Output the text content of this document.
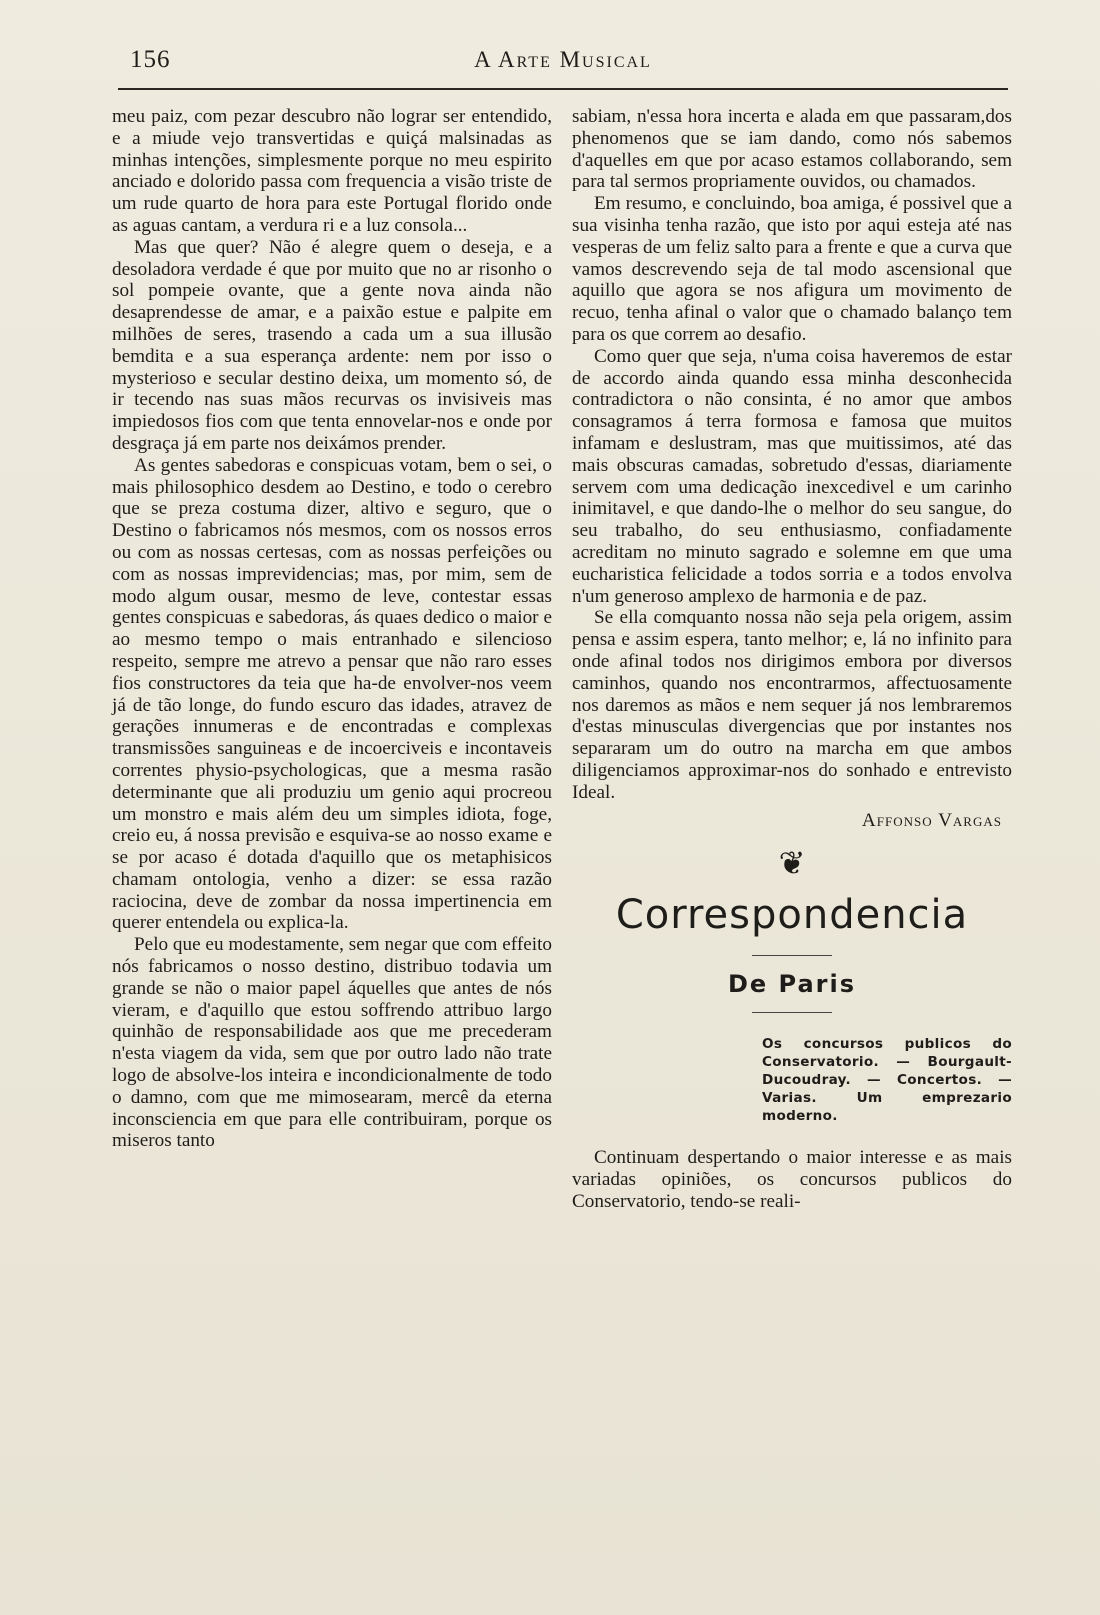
156	A Arte Musical

meu paiz, com pezar descubro não lograr ser entendido, e a miude vejo transvertidas e quiçá malsinadas as minhas intenções, simplesmente porque no meu espirito anciado e dolorido passa com frequencia a visão triste de um rude quarto de hora para este Portugal florido onde as aguas cantam, a verdura ri e a luz consola...

Mas que quer? Não é alegre quem o deseja, e a desoladora verdade é que por muito que no ar risonho o sol pompeie ovante, que a gente nova ainda não desaprendesse de amar, e a paixão estue e palpite em milhões de seres, trasendo a cada um a sua illusão bemdita e a sua esperança ardente: nem por isso o mysterioso e secular destino deixa, um momento só, de ir tecendo nas suas mãos recurvas os invisiveis mas impiedosos fios com que tenta ennovelar-nos e onde por desgraça já em parte nos deixámos prender.

As gentes sabedoras e conspicuas votam, bem o sei, o mais philosophico desdem ao Destino, e todo o cerebro que se preza costuma dizer, altivo e seguro, que o Destino o fabricamos nós mesmos, com os nossos erros ou com as nossas certesas, com as nossas perfeições ou com as nossas imprevidencias; mas, por mim, sem de modo algum ousar, mesmo de leve, contestar essas gentes conspicuas e sabedoras, ás quaes dedico o maior e ao mesmo tempo o mais entranhado e silencioso respeito, sempre me atrevo a pensar que não raro esses fios constructores da teia que ha-de envolver-nos veem já de tão longe, do fundo escuro das idades, atravez de gerações innumeras e de encontradas e complexas transmissões sanguineas e de incoerciveis e incontaveis correntes physio-psychologicas, que a mesma rasão determinante que ali produziu um genio aqui procreou um monstro e mais além deu um simples idiota, foge, creio eu, á nossa previsão e esquiva-se ao nosso exame e se por acaso é dotada d'aquillo que os metaphisicos chamam ontologia, venho a dizer: se essa razão raciocina, deve de zombar da nossa impertinencia em querer entendela ou explica-la.

Pelo que eu modestamente, sem negar que com effeito nós fabricamos o nosso destino, distribuo todavia um grande se não o maior papel áquelles que antes de nós vieram, e d'aquillo que estou soffrendo attribuo largo quinhão de responsabilidade aos que me precederam n'esta viagem da vida, sem que por outro lado não trate logo de absolve-los inteira e incondicionalmente de todo o damno, com que me mimosearam, mercê da eterna inconsciencia em que para elle contribuiram, porque os miseros tanto

sabiam, n'essa hora incerta e alada em que passaram,dos phenomenos que se iam dando, como nós sabemos d'aquelles em que por acaso estamos collaborando, sem para tal sermos propriamente ouvidos, ou chamados.

Em resumo, e concluindo, boa amiga, é possivel que a sua visinha tenha razão, que isto por aqui esteja até nas vesperas de um feliz salto para a frente e que a curva que vamos descrevendo seja de tal modo ascensional que aquillo que agora se nos afigura um movimento de recuo, tenha afinal o valor que o chamado balanço tem para os que correm ao desafio.

Como quer que seja, n'uma coisa haveremos de estar de accordo ainda quando essa minha desconhecida contradictora o não consinta, é no amor que ambos consagramos á terra formosa e famosa que muitos infamam e deslustram, mas que muitissimos, até das mais obscuras camadas, sobretudo d'essas, diariamente servem com uma dedicação inexcedivel e um carinho inimitavel, e que dando-lhe o melhor do seu sangue, do seu trabalho, do seu enthusiasmo, confiadamente acreditam no minuto sagrado e solemne em que uma eucharistica felicidade a todos sorria e a todos envolva n'um generoso amplexo de harmonia e de paz.

Se ella comquanto nossa não seja pela origem, assim pensa e assim espera, tanto melhor; e, lá no infinito para onde afinal todos nos dirigimos embora por diversos caminhos, quando nos encontrarmos, affectuosamente nos daremos as mãos e nem sequer já nos lembraremos d'estas minusculas divergencias que por instantes nos separaram um do outro na marcha em que ambos diligenciamos approximar-nos do sonhado e entrevisto Ideal.

Affonso Vargas
❦
Correspondencia
De Paris
Os concursos publicos do Conservatorio. — Bourgault-Ducoudray. — Concertos. — Varias. Um emprezario moderno.

Continuam despertando o maior interesse e as mais variadas opiniões, os concursos publicos do Conservatorio, tendo-se reali-
